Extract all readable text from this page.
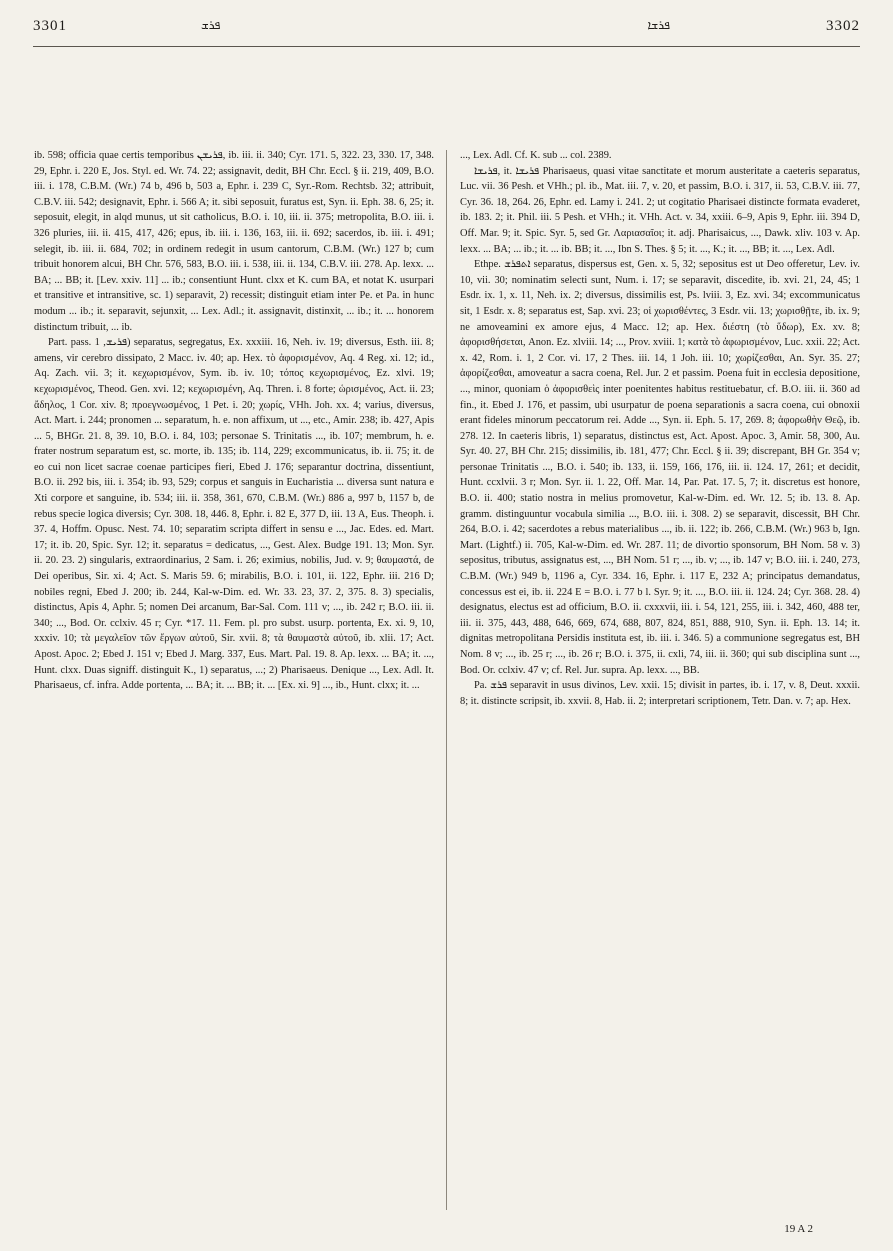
3301	ܦܪܫ	ܦܪܫܐ	3302

ib. 598; officia quae certis temporibus ܦܪܝܫܢ, ib. iii. ii. 340; Cyr. 171. 5, 322. 23, 330. 17, 348. 29, Ephr. i. 220 E, Jos. Styl. ed. Wr. 74. 22; assignavit, dedit, BH Chr. Eccl. § ii. 219, 409, B.O. iii. i. 178, C.B.M. (Wr.) 74 b, 496 b, 503 a, Ephr. i. 239 C, Syr.-Rom. Rechtsb. 32; attribuit, C.B.V. iii. 542; designavit, Ephr. i. 566 A; it. sibi seposuit, furatus est, Syn. ii. Eph. 38. 6, 25; it. seposuit, elegit, in alqd munus, ut sit catholicus, B.O. i. 10, iii. ii. 375; metropolita, B.O. iii. i. 326 pluries, iii. ii. 415, 417, 426; epus, ib. iii. i. 136, 163, iii. ii. 692; sacerdos, ib. iii. i. 491; selegit, ib. iii. ii. 684, 702; in ordinem redegit in usum cantorum, C.B.M. (Wr.) 127 b; cum tribuit honorem alcui, BH Chr. 576, 583, B.O. iii. i. 538, iii. ii. 134, C.B.V. iii. 278. Ap. lexx. ... BA; ... BB; it. [Lev. xxiv. 11] ... ib.; consentiunt Hunt. clxx et K. cum BA, et notat K. usurpari et transitive et intransitive, sc. 1) separavit, 2) recessit; distinguit etiam inter Pe. et Pa. in hunc modum ... ib.; it. separavit, sejunxit, ... Lex. Adl.; it. assignavit, distinxit, ... ib.; it. ... honorem distinctum tribuit, ... ib.

Part. pass. ܦܪܝܫ, 1) separatus, segregatus, Ex. xxxiii. 16, Neh. iv. 19; diversus, Esth. iii. 8; amens, vir cerebro dissipato, 2 Macc. iv. 40; ap. Hex. τὸ ἀφορισμένον, Aq. 4 Reg. xi. 12; id., Aq. Zach. vii. 3; it. κεχωρισμένον, Sym. ib. iv. 10; τόπος κεχωρισμένος, Ez. xlvi. 19; κεχωρισμένος, Theod. Gen. xvi. 12; κεχωρισμένη, Aq. Thren. i. 8 forte; ὡρισμένος, Act. ii. 23; ἄδηλος, 1 Cor. xiv. 8; προεγνωσμένος, 1 Pet. i. 20; χωρίς, VHh. Joh. xx. 4; varius, diversus, Act. Mart. i. 244; pronomen ... separatum, h. e. non affixum, ut ..., etc., Amir. 238; ib. 427, Apis ... 5, BHGr. 21. 8, 39. 10, B.O. i. 84, 103; personae S. Trinitatis ..., ib. 107; membrum, h. e. frater nostrum separatum est, sc. morte, ib. 135; ib. 114, 229; excommunicatus, ib. ii. 75; it. de eo cui non licet sacrae coenae participes fieri, Ebed J. 176; separantur doctrina, dissentiunt, B.O. ii. 292 bis, iii. i. 354; ib. 93, 529; corpus et sanguis in Eucharistia ... diversa sunt natura e Xti corpore et sanguine, ib. 534; iii. ii. 358, 361, 670, C.B.M. (Wr.) 886 a, 997 b, 1157 b, de rebus specie logica diversis; Cyr. 308. 18, 446. 8, Ephr. i. 82 E, 377 D, iii. 13 A, Eus. Theoph. i. 37. 4, Hoffm. Opusc. Nest. 74. 10; separatim scripta differt in sensu e ..., Jac. Edes. ed. Mart. 17; it. ib. 20, Spic. Syr. 12; it. separatus = dedicatus, ..., Gest. Alex. Budge 191. 13; Mon. Syr. ii. 20. 23. 2) singularis, extraordinarius, 2 Sam. i. 26; eximius, nobilis, Jud. v. 9; θαυμαστά, de Dei operibus, Sir. xi. 4; Act. S. Maris 59. 6; mirabilis, B.O. i. 101, ii. 122, Ephr. iii. 216 D; nobiles regni, Ebed J. 200; ib. 244, Kal-w-Dim. ed. Wr. 33. 23, 37. 2, 375. 8. 3) specialis, distinctus, Apis 4, Aphr. 5; nomen Dei arcanum, Bar-Sal. Com. 111 v; ..., ib. 242 r; B.O. iii. ii. 340; ..., Bod. Or. cclxiv. 45 r; Cyr. *17. 11. Fem. pl. pro subst. usurp. portenta, Ex. xi. 9, 10, xxxiv. 10; τὰ μεγαλεῖον τῶν ἔργων αὐτοῦ, Sir. xvii. 8; τὰ θαυμαστὰ αὐτοῦ, ib. xlii. 17; Act. Apost. Apoc. 2; Ebed J. 151 v; Ebed J. Marg. 337, Eus. Mart. Pal. 19. 8. Ap. lexx. ... BA; it. ..., Hunt. clxx. Duas signiff. distinguit K., 1) separatus, ...; 2) Pharisaeus. Denique ..., Lex. Adl. It. Pharisaeus, cf. infra. Adde portenta, ... BA; it. ... BB; it. ... [Ex. xi. 9] ..., ib., Hunt. clxx; it. ...

..., Lex. Adl. Cf. K. sub ... col. 2389.

ܦܪܝܫܐ, it. ܦܪܝܫܐ Pharisaeus, quasi vitae sanctitate et morum austeritate a caeteris separatus, Luc. vii. 36 Pesh. et VHh.; pl. ib., Mat. iii. 7, v. 20, et passim, B.O. i. 317, ii. 53, C.B.V. iii. 77, Cyr. 36. 18, 264. 26, Ephr. ed. Lamy i. 241. 2; ut cogitatio Pharisaei distincte formata evaderet, ib. 183. 2; it. Phil. iii. 5 Pesh. et VHh.; it. VHh. Act. v. 34, xxiii. 6–9, Apis 9, Ephr. iii. 394 D, Off. Mar. 9; it. Spic. Syr. 5, sed Gr. Λαριασαῖοι; it. adj. Pharisaicus, ..., Dawk. xliv. 103 v. Ap. lexx. ... BA; ... ib.; it. ... ib. BB; it. ..., Ibn S. Thes. § 5; it. ..., K.; it. ..., BB; it. ..., Lex. Adl.

Ethpe. ܐܬܦܪܫ separatus, dispersus est, Gen. x. 5, 32; sepositus est ut Deo offeretur, Lev. iv. 10, vii. 30; nominatim selecti sunt, Num. i. 17; se separavit, discedite, ib. xvi. 21, 24, 45; 1 Esdr. ix. 1, x. 11, Neh. ix. 2; diversus, dissimilis est, Ps. lviii. 3, Ez. xvi. 34; excommunicatus sit, 1 Esdr. x. 8; separatus est, Sap. xvi. 23; οἱ χωρισθέντες, 3 Esdr. vii. 13; χωρισθῇτε, ib. ix. 9; ne amoveamini ex amore ejus, 4 Macc. 12; ap. Hex. διέστη (τὸ ὕδωρ), Ex. xv. 8; ἀφορισθήσεται, Anon. Ez. xlviii. 14; ..., Prov. xviii. 1; κατὰ τὸ ἀφωρισμένον, Luc. xxii. 22; Act. x. 42, Rom. i. 1, 2 Cor. vi. 17, 2 Thes. iii. 14, 1 Joh. iii. 10; χωρίζεσθαι, An. Syr. 35. 27; ἀφορίζεσθαι, amoveatur a sacra coena, Rel. Jur. 2 et passim. Poena fuit in ecclesia depositione, ..., minor, quoniam ὁ ἀφορισθεὶς inter poenitentes habitus restituebatur, cf. B.O. iii. ii. 360 ad fin., it. Ebed J. 176, et passim, ubi usurpatur de poena separationis a sacra coena, cui obnoxii erant fideles minorum peccatorum rei. Adde ..., Syn. ii. Eph. 5. 17, 269. 8; ἀφορωθὴν Θεῷ, ib. 278. 12. In caeteris libris, 1) separatus, distinctus est, Act. Apost. Apoc. 3, Amir. 58, 300, Au. Syr. 40. 27, BH Chr. 215; dissimilis, ib. 181, 477; Chr. Eccl. § ii. 39; discrepant, BH Gr. 354 v; personae Trinitatis ..., B.O. i. 540; ib. 133, ii. 159, 166, 176, iii. ii. 124. 17, 261; et decidit, Hunt. ccxlvii. 3 r; Mon. Syr. ii. 1. 22, Off. Mar. 14, Par. Pat. 17. 5, 7; it. discretus est honore, B.O. ii. 400; statio nostra in melius promovetur, Kal-w-Dim. ed. Wr. 12. 5; ib. 13. 8. Ap. gramm. distinguuntur vocabula similia ..., B.O. iii. i. 308. 2) se separavit, discessit, BH Chr. 264, B.O. i. 42; sacerdotes a rebus materialibus ..., ib. ii. 122; ib. 266, C.B.M. (Wr.) 963 b, Ign. Mart. (Lightf.) ii. 705, Kal-w-Dim. ed. Wr. 287. 11; de divortio sponsorum, BH Nom. 58 v. 3) sepositus, tributus, assignatus est, ..., BH Nom. 51 r; ..., ib. v; ..., ib. 147 v; B.O. iii. i. 240, 273, C.B.M. (Wr.) 949 b, 1196 a, Cyr. 334. 16, Ephr. i. 117 E, 232 A; principatus demandatus, concessus est ei, ib. ii. 224 E = B.O. i. 77 b l. Syr. 9; it. ..., B.O. iii. ii. 124. 24; Cyr. 368. 28. 4) designatus, electus est ad officium, B.O. ii. cxxxvii, iii. i. 54, 121, 255, iii. i. 342, 460, 488 ter, iii. ii. 375, 443, 488, 646, 669, 674, 688, 807, 824, 851, 888, 910, Syn. ii. Eph. 13. 14; it. dignitas metropolitana Persidis instituta est, ib. iii. i. 346. 5) a communione segregatus est, BH Nom. 8 v; ..., ib. 25 r; ..., ib. 26 r; B.O. i. 375, ii. cxli, 74, iii. ii. 360; qui sub disciplina sunt ..., Bod. Or. cclxiv. 47 v; cf. Rel. Jur. supra. Ap. lexx. ..., BB.

Pa. ܦܪܫ separavit in usus divinos, Lev. xxii. 15; divisit in partes, ib. i. 17, v. 8, Deut. xxxii. 8; it. distincte scripsit, ib. xxvii. 8, Hab. ii. 2; interpretari scriptionem, Tetr. Dan. v. 7; ap. Hex.

19 A 2
